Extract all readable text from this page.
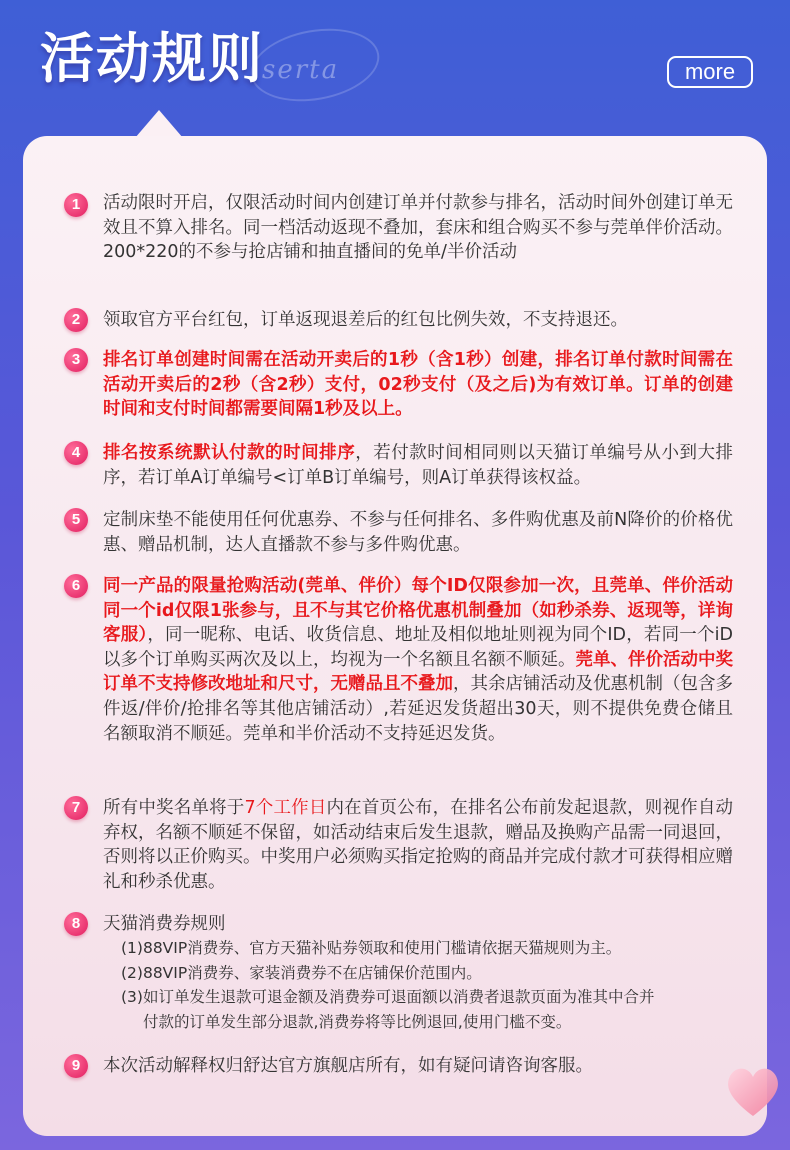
活动规则
serta	more
1	活动限时开启，仅限活动时间内创建订单并付款参与排名，活动时间外创建订单无效且不算入排名。同一档活动返现不叠加，套床和组合购买不参与莞单伴价活动。200*220的不参与抢店铺和抽直播间的免单/半价活动

2	领取官方平台红包，订单返现退差后的红包比例失效，不支持退还。

3	排名订单创建时间需在活动开卖后的1秒（含1秒）创建，排名订单付款时间需在活动开卖后的2秒（含2秒）支付，02秒支付（及之后)为有效订单。订单的创建时间和支付时间都需要间隔1秒及以上。

4	排名按系统默认付款的时间排序，若付款时间相同则以天猫订单编号从小到大排序，若订单A订单编号<订单B订单编号，则A订单获得该权益。

5	定制床垫不能使用任何优惠券、不参与任何排名、多件购优惠及前N降价的价格优惠、赠品机制，达人直播款不参与多件购优惠。

6	同一产品的限量抢购活动(莞单、伴价）每个ID仅限参加一次，且莞单、伴价活动同一个id仅限1张参与，且不与其它价格优惠机制叠加（如秒杀券、返现等，详询客服），同一昵称、电话、收货信息、地址及相似地址则视为同个ID，若同一个iD以多个订单购买两次及以上，均视为一个名额且名额不顺延。莞单、伴价活动中奖订单不支持修改地址和尺寸，无赠品且不叠加，其余店铺活动及优惠机制（包含多件返/伴价/抢排名等其他店铺活动）,若延迟发货超出30天，则不提供免费仓储且名额取消不顺延。莞单和半价活动不支持延迟发货。

7	所有中奖名单将于7个工作日内在首页公布，在排名公布前发起退款，则视作自动弃权，名额不顺延不保留，如活动结束后发生退款，赠品及换购产品需一同退回，否则将以正价购买。中奖用户必须购买指定抢购的商品并完成付款才可获得相应赠礼和秒杀优惠。

8	天猫消费券规则

(1)88VIP消费券、官方天猫补贴券领取和使用门槛请依据天猫规则为主。
(2)88VIP消费券、家装消费券不在店铺保价范围内。
(3)如订单发生退款可退金额及消费券可退面额以消费者退款页面为准其中合并
付款的订单发生部分退款,消费券将等比例退回,使用门槛不变。
9	本次活动解释权归舒达官方旗舰店所有，如有疑问请咨询客服。
